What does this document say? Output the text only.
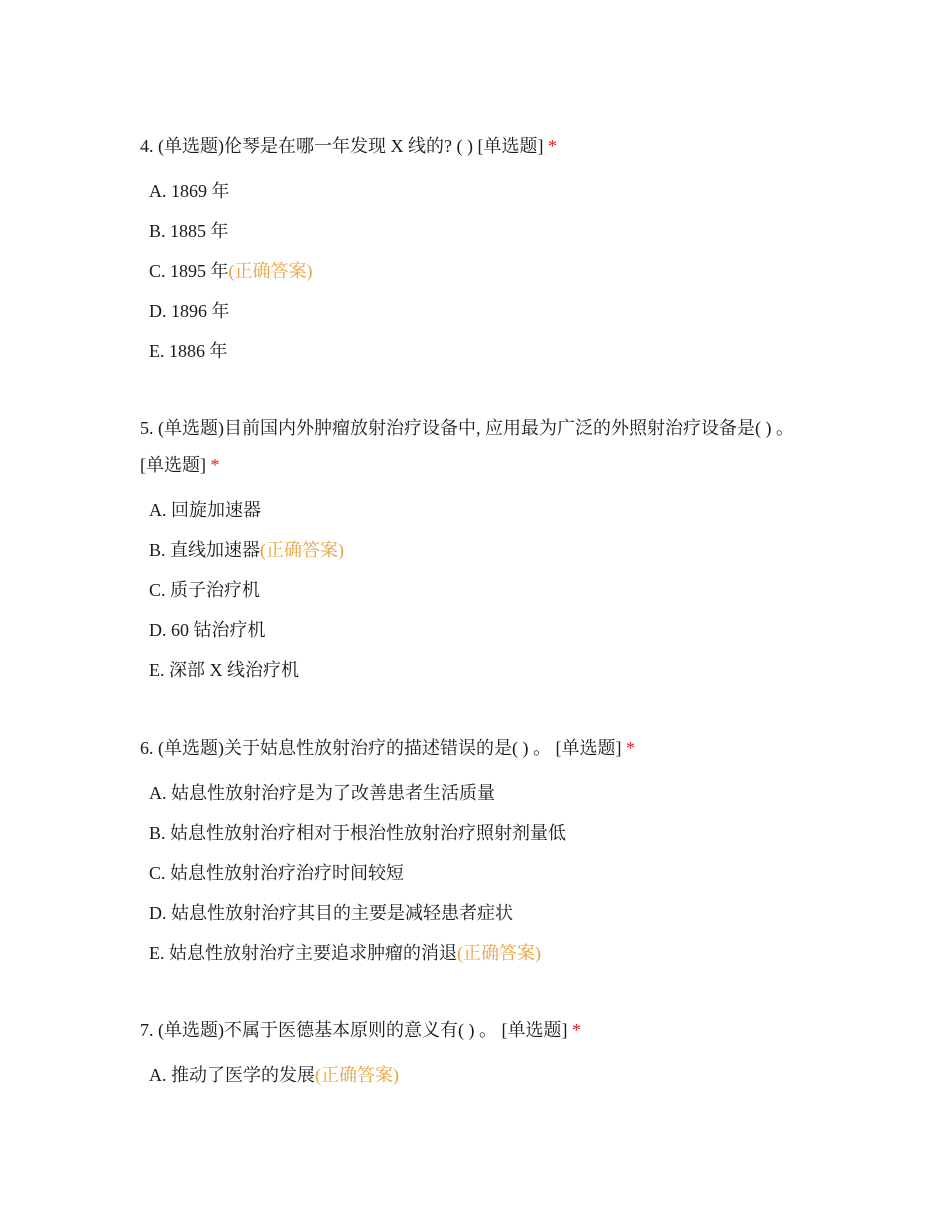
4. (单选题)伦琴是在哪一年发现 X 线的? ( ) [单选题] *

A. 1869 年
B. 1885 年
C. 1895 年(正确答案)
D. 1896 年
E. 1886 年

5. (单选题)目前国内外肿瘤放射治疗设备中, 应用最为广泛的外照射治疗设备是( ) 。 [单选题] *

A. 回旋加速器
B. 直线加速器(正确答案)
C. 质子治疗机
D. 60 钴治疗机
E. 深部 X 线治疗机

6. (单选题)关于姑息性放射治疗的描述错误的是( ) 。 [单选题] *

A. 姑息性放射治疗是为了改善患者生活质量
B. 姑息性放射治疗相对于根治性放射治疗照射剂量低
C. 姑息性放射治疗治疗时间较短
D. 姑息性放射治疗其目的主要是减轻患者症状
E. 姑息性放射治疗主要追求肿瘤的消退(正确答案)

7. (单选题)不属于医德基本原则的意义有( ) 。 [单选题] *

A. 推动了医学的发展(正确答案)
